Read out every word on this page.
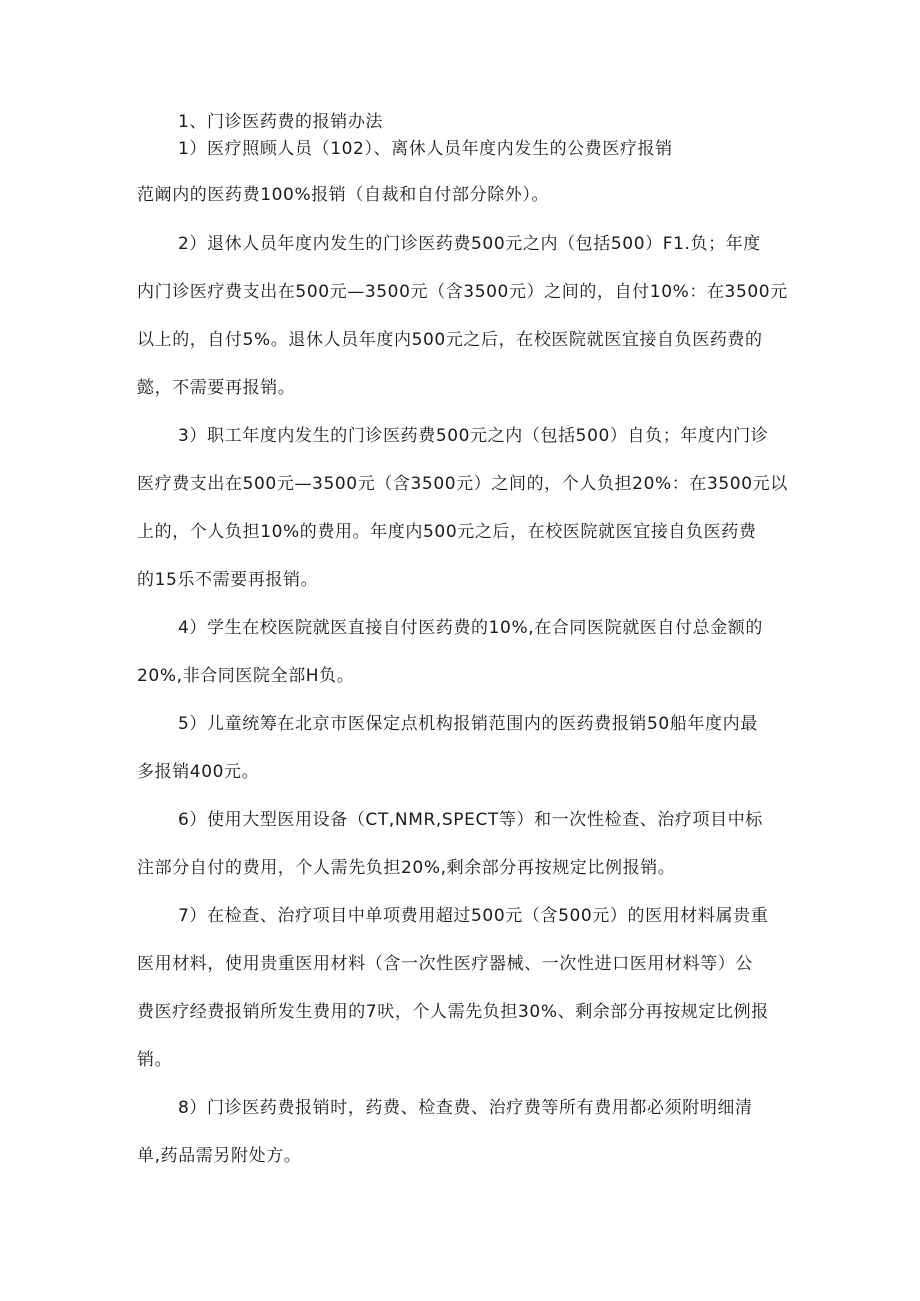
1、门诊医药费的报销办法
1）医疗照顾人员（102）、离休人员年度内发生的公费医疗报销
范阚内的医药费100%报销（自裁和自付部分除外）。
2）退休人员年度内发生的门诊医药费500元之内（包括500）F1.负；年度
内门诊医疗费支出在500元—3500元（含3500元）之间的，自付10%：在3500元
以上的，自付5%。退休人员年度内500元之后，在校医院就医宜接自负医药费的
懿，不需要再报销。
3）职工年度内发生的门诊医药费500元之内（包括500）自负；年度内门诊
医疗费支出在500元—3500元（含3500元）之间的，个人负担20%：在3500元以
上的，个人负担10%的费用。年度内500元之后，在校医院就医宜接自负医药费
的15乐不需要再报销。
4）学生在校医院就医直接自付医药费的10%,在合同医院就医自付总金额的
20%,非合同医院全部H负。
5）儿童统筹在北京市医保定点机构报销范围内的医药费报销50船年度内最
多报销400元。
6）使用大型医用设备（CT,NMR,SPECT等）和一次性检查、治疗项目中标
注部分自付的费用，个人需先负担20%,剩余部分再按规定比例报销。
7）在检查、治疗项目中单项费用超过500元（含500元）的医用材料属贵重
医用材料，使用贵重医用材料（含一次性医疗器械、一次性进口医用材料等）公
费医疗经费报销所发生费用的7吠，个人需先负担30%、剩余部分再按规定比例报
销。
8）门诊医药费报销时，药费、检查费、治疗费等所有费用都必须附明细清
单,药品需另附处方。
